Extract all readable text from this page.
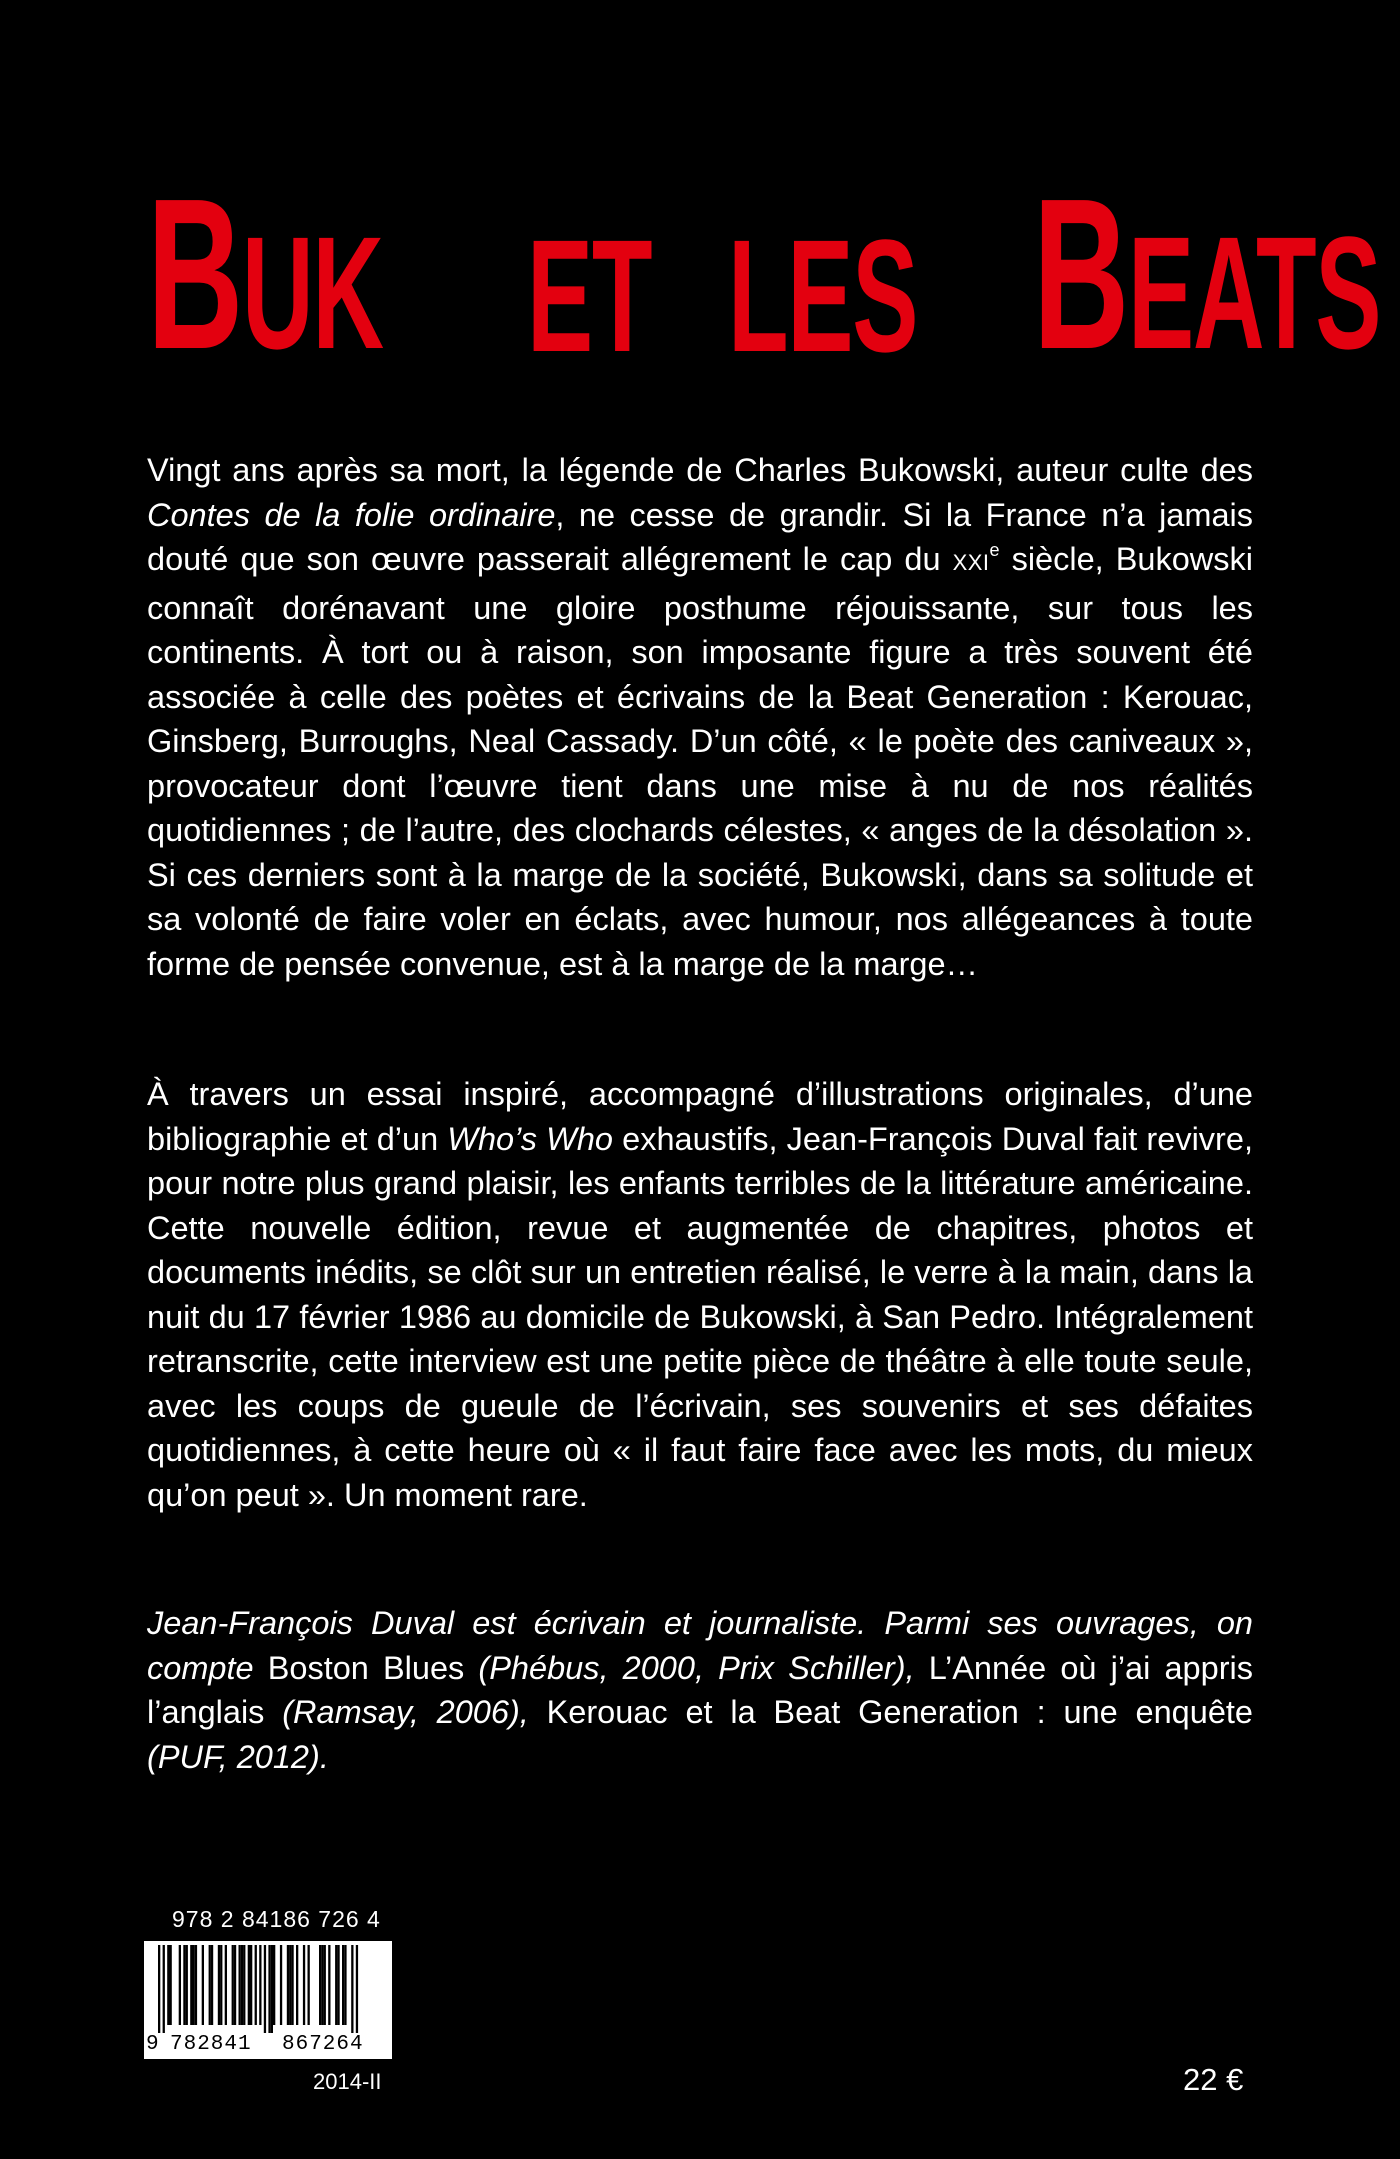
BUK ET LES BEATS

Vingt ans après sa mort, la légende de Charles Bukowski, auteur culte des Contes de la folie ordinaire, ne cesse de grandir. Si la France n’a jamais douté que son œuvre passerait allégrement le cap du XXIe siècle, Bukowski connaît dorénavant une gloire posthume réjouissante, sur tous les continents. À tort ou à raison, son imposante figure a très souvent été associée à celle des poètes et écrivains de la Beat Generation : Kerouac, Ginsberg, Burroughs, Neal Cassady. D’un côté, « le poète des caniveaux », provocateur dont l’œuvre tient dans une mise à nu de nos réalités quotidiennes ; de l’autre, des clochards célestes, « anges de la désolation ». Si ces derniers sont à la marge de la société, Bukowski, dans sa solitude et sa volonté de faire voler en éclats, avec humour, nos allégeances à toute forme de pensée convenue, est à la marge de la marge…

À travers un essai inspiré, accompagné d’illustrations originales, d’une bibliographie et d’un Who’s Who exhaustifs, Jean-François Duval fait revivre, pour notre plus grand plaisir, les enfants terribles de la littérature américaine. Cette nouvelle édition, revue et augmentée de chapitres, photos et documents inédits, se clôt sur un entretien réalisé, le verre à la main, dans la nuit du 17 février 1986 au domicile de Bukowski, à San Pedro. Intégralement retranscrite, cette interview est une petite pièce de théâtre à elle toute seule, avec les coups de gueule de l’écrivain, ses souvenirs et ses défaites quotidiennes, à cette heure où « il faut faire face avec les mots, du mieux qu’on peut ». Un moment rare.

Jean-François Duval est écrivain et journaliste. Parmi ses ouvrages, on compte Boston Blues (Phébus, 2000, Prix Schiller), L’Année où j’ai appris l’anglais (Ramsay, 2006), Kerouac et la Beat Generation : une enquête (PUF, 2012).

978 2 84186 726 4
9 782841 867264
2014-II	22 €
